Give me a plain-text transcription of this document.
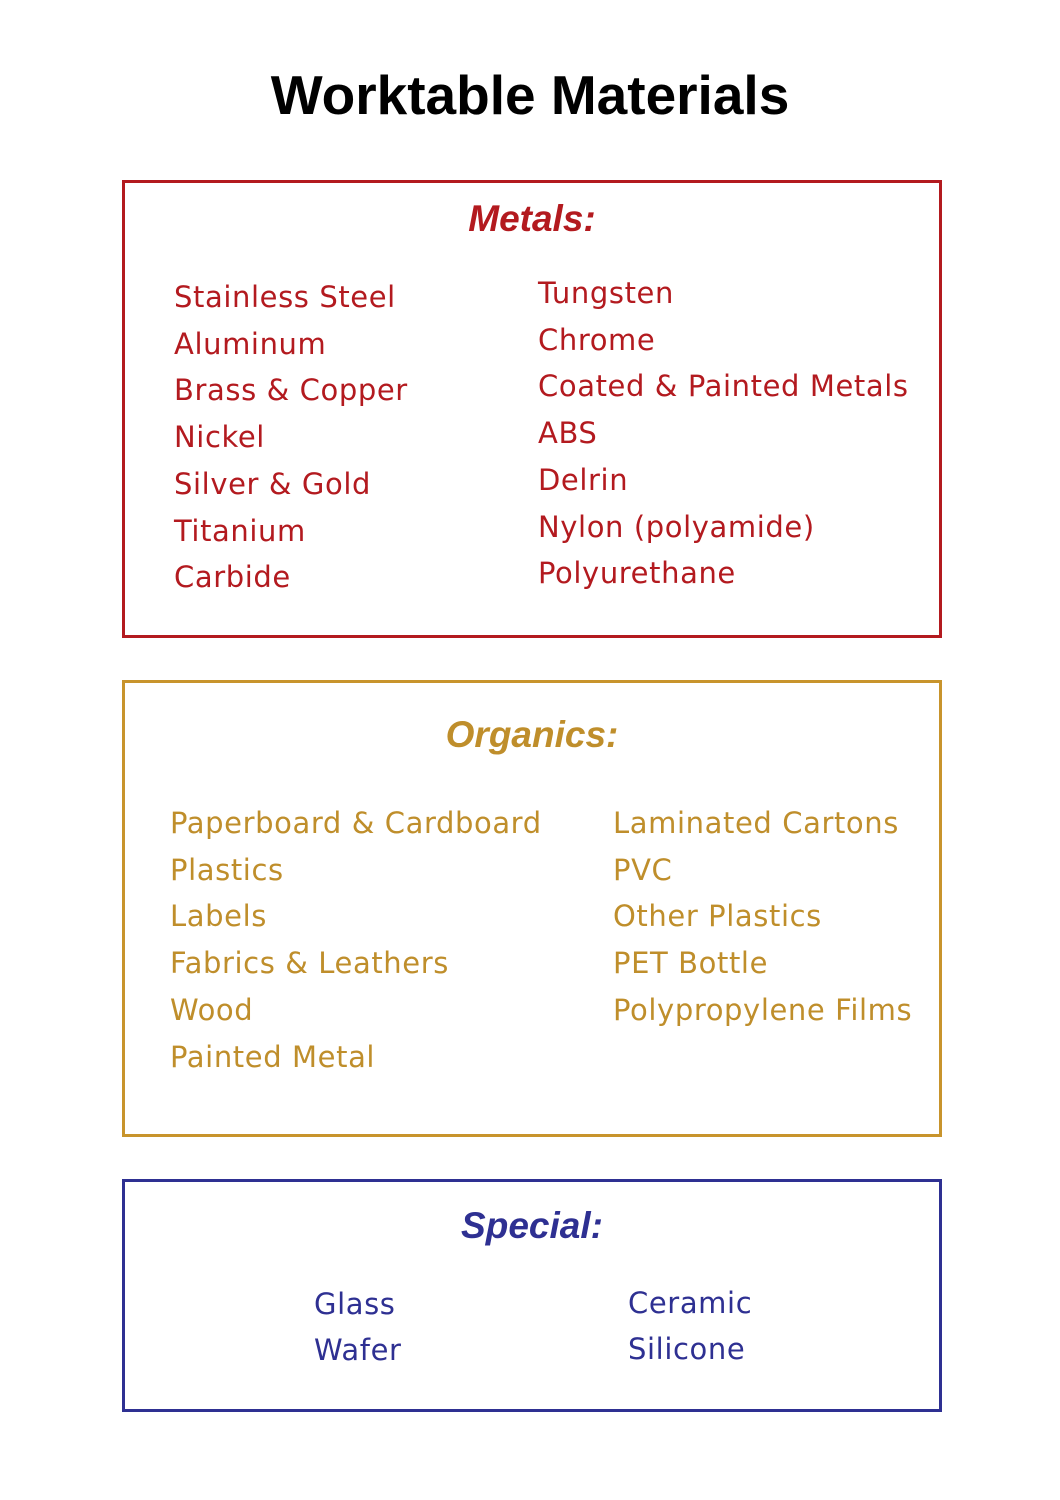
Worktable Materials
Metals:
Stainless Steel
Aluminum
Brass & Copper
Nickel
Silver & Gold
Titanium
Carbide
Tungsten
Chrome
Coated & Painted Metals
ABS
Delrin
Nylon (polyamide)
Polyurethane
Organics:
Paperboard & Cardboard
Plastics
Labels
Fabrics & Leathers
Wood
Painted Metal
Laminated Cartons
PVC
Other Plastics
PET Bottle
Polypropylene Films
Special:
Glass
Wafer
Ceramic
Silicone
